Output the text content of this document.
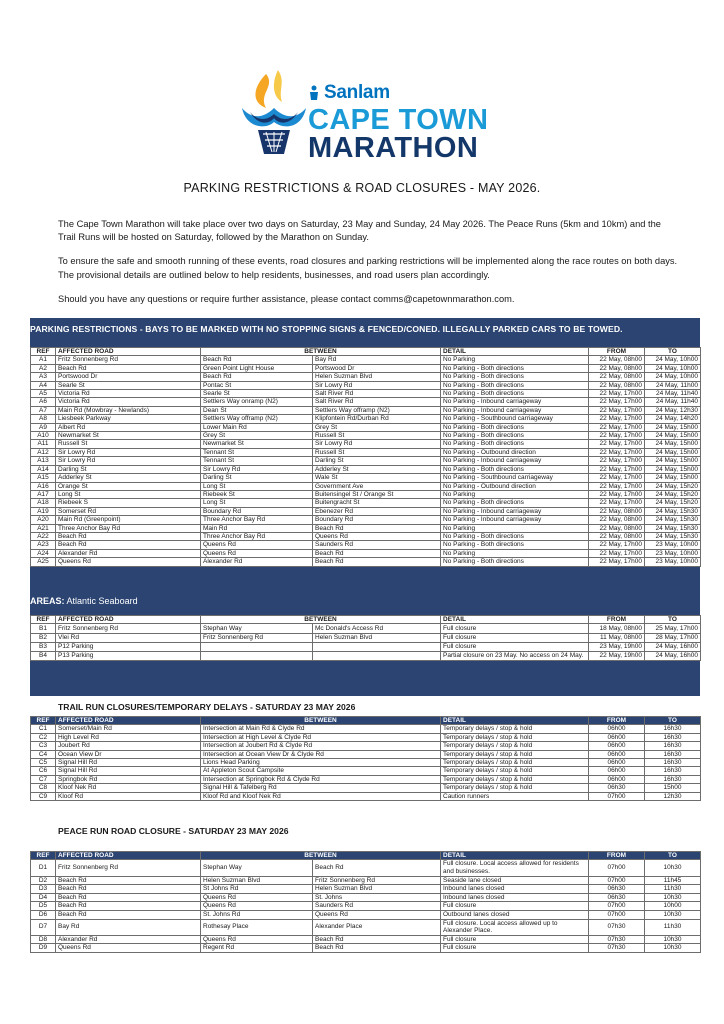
Sanlam
CAPE TOWN
MARATHON
PARKING RESTRICTIONS & ROAD CLOSURES - MAY 2026.

The Cape Town Marathon will take place over two days on Saturday, 23 May and Sunday, 24 May 2026. The Peace Runs (5km and 10km) and the Trail Runs will be hosted on Saturday, followed by the Marathon on Sunday.

To ensure the safe and smooth running of these events, road closures and parking restrictions will be implemented along the race routes on both days. The provisional details are outlined below to help residents, businesses, and road users plan accordingly.

Should you have any questions or require further assistance, please contact comms@capetownmarathon.com.

PARKING RESTRICTIONS - BAYS TO BE MARKED WITH NO STOPPING SIGNS & FENCED/CONED. ILLEGALLY PARKED CARS TO BE TOWED.
REF	AFFECTED ROAD	BETWEEN		DETAIL	FROM	TO
A1	Fritz Sonnenberg Rd	Beach Rd	Bay Rd	No Parking	22 May, 08h00	24 May, 10h00
A2	Beach Rd	Green Point Light House	Portswood Dr	No Parking - Both directions	22 May, 08h00	24 May, 10h00
A3	Portswood Dr	Beach Rd	Helen Suzman Blvd	No Parking - Both directions	22 May, 08h00	24 May, 10h00
A4	Searle St	Pontac St	Sir Lowry Rd	No Parking - Both directions	22 May, 08h00	24 May, 11h00
A5	Victoria Rd	Searle St	Salt River Rd	No Parking - Both directions	22 May, 17h00	24 May, 11h40
A6	Victoria Rd	Settlers Way onramp (N2)	Salt River Rd	No Parking - Inbound carriageway	22 May, 17h00	24 May, 11h40
A7	Main Rd (Mowbray - Newlands)	Dean St	Settlers Way offramp (N2)	No Parking - Inbound carriageway	22 May, 17h00	24 May, 12h30
A8	Liesbeek Parkway	Settlers Way offramp (N2)	Klipfontein Rd/Durban Rd	No Parking - Southbound carriageway	22 May, 17h00	24 May, 14h20
A9	Albert Rd	Lower Main Rd	Grey St	No Parking - Both directions	22 May, 17h00	24 May, 15h00
A10	Newmarket St	Grey St	Russell St	No Parking - Both directions	22 May, 17h00	24 May, 15h00
A11	Russell St	Newmarket St	Sir Lowry Rd	No Parking - Both directions	22 May, 17h00	24 May, 15h00
A12	Sir Lowry Rd	Tennant St	Russell St	No Parking - Outbound direction	22 May, 17h00	24 May, 15h00
A13	Sir Lowry Rd	Tennant St	Darling St	No Parking - Inbound carriageway	22 May, 17h00	24 May, 15h00
A14	Darling St	Sir Lowry Rd	Adderley St	No Parking - Both directions	22 May, 17h00	24 May, 15h00
A15	Adderley St	Darling St	Wale St	No Parking - Southbound carriageway	22 May, 17h00	24 May, 15h00
A16	Orange St	Long St	Government Ave	No Parking - Outbound direction	22 May, 17h00	24 May, 15h20
A17	Long St	Riebeek St	Buitensingel St / Orange St	No Parking	22 May, 17h00	24 May, 15h20
A18	Riebeek S	Long St	Buitengracht St	No Parking - Both directions	22 May, 17h00	24 May, 15h20
A19	Somerset Rd	Boundary Rd	Ebenezer Rd	No Parking - Inbound carriageway	22 May, 08h00	24 May, 15h30
A20	Main Rd (Greenpoint)	Three Anchor Bay Rd	Boundary Rd	No Parking - Inbound carriageway	22 May, 08h00	24 May, 15h30
A21	Three Anchor Bay Rd	Main Rd	Beach Rd	No Parking	22 May, 08h00	24 May, 15h30
A22	Beach Rd	Three Anchor Bay Rd	Queens Rd	No Parking - Both directions	22 May, 08h00	24 May, 15h30
A23	Beach Rd	Queens Rd	Saunders Rd	No Parking - Both directions	22 May, 17h00	23 May, 10h00
A24	Alexander Rd	Queens Rd	Beach Rd	No Parking	22 May, 17h00	23 May, 10h00
A25	Queens Rd	Alexander Rd	Beach Rd	No Parking - Both directions	22 May, 17h00	23 May, 10h00
AREAS: Atlantic Seaboard
REF	AFFECTED ROAD	BETWEEN		DETAIL	FROM	TO
B1	Fritz Sonnenberg Rd	Stephan Way	Mc Donald's Access Rd	Full closure	18 May, 08h00	25 May, 17h00
B2	Vlei Rd	Fritz Sonnenberg Rd	Helen Suzman Blvd	Full closure	11 May, 08h00	28 May, 17h00
B3	P12 Parking			Full closure	23 May, 19h00	24 May, 16h00
B4	P13 Parking			Partial closure on 23 May. No access on 24 May.	22 May, 19h00	24 May, 16h00
TRAIL RUN CLOSURES/TEMPORARY DELAYS - SATURDAY 23 MAY 2026
REF	AFFECTED ROAD	BETWEEN	DETAIL	FROM	TO
C1	Somerset/Main Rd	Intersection at Main Rd & Clyde Rd	Temporary delays / stop & hold	06h00	16h30
C2	High Level Rd	Intersection at High Level & Clyde Rd	Temporary delays / stop & hold	06h00	16h30
C3	Joubert Rd	Intersection at Joubert Rd & Clyde Rd	Temporary delays / stop & hold	06h00	16h30
C4	Ocean View Dr	Intersection at Ocean View Dr & Clyde Rd	Temporary delays / stop & hold	06h00	16h30
C5	Signal Hill Rd	Lions Head Parking	Temporary delays / stop & hold	06h00	16h30
C6	Signal Hill Rd	At Appleton Scout Campsite	Temporary delays / stop & hold	06h00	16h30
C7	Springbok Rd	Intersection at Springbok Rd & Clyde Rd	Temporary delays / stop & hold	06h00	16h30
C8	Kloof Nek Rd	Signal Hill & Tafelberg Rd	Temporary delays / stop & hold	06h30	15h00
C9	Kloof Rd	Kloof Rd and Kloof Nek Rd	Caution runners	07h00	12h30
PEACE RUN ROAD CLOSURE - SATURDAY 23 MAY 2026
REF	AFFECTED ROAD	BETWEEN		DETAIL	FROM	TO
D1	Fritz Sonnenberg Rd	Stephan Way	Beach Rd	Full closure. Local access allowed for residents and businesses.	07h00	10h30
D2	Beach Rd	Helen Suzman Blvd	Fritz Sonnenberg Rd	Seaside lane closed	07h00	11h45
D3	Beach Rd	St Johns Rd	Helen Suzman Blvd	Inbound lanes closed	06h30	11h30
D4	Beach Rd	Queens Rd	St. Johns	Inbound lanes closed	06h30	10h30
D5	Beach Rd	Queens Rd	Saunders Rd	Full closure	07h00	10h00
D6	Beach Rd	St. Johns Rd	Queens Rd	Outbound lanes closed	07h00	10h30
D7	Bay Rd	Rothesay Place	Alexander Place	Full closure. Local access allowed up to Alexander Place.	07h30	11h30
D8	Alexander Rd	Queens Rd	Beach Rd	Full closure	07h30	10h30
D9	Queens Rd	Regent Rd	Beach Rd	Full closure	07h30	10h30
